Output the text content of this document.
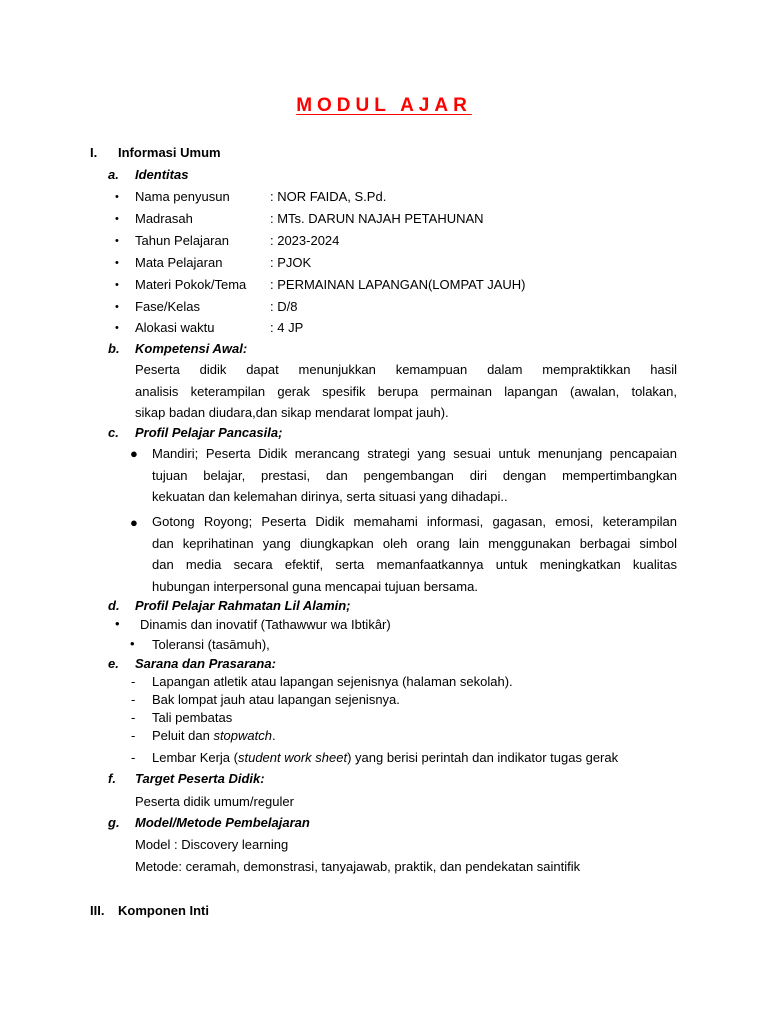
MODUL AJAR
I. Informasi Umum
a. Identitas
• Nama penyusun	: NOR FAIDA, S.Pd.
• Madrasah	: MTs. DARUN NAJAH PETAHUNAN
• Tahun Pelajaran	: 2023-2024
• Mata Pelajaran	: PJOK
• Materi Pokok/Tema : PERMAINAN LAPANGAN(LOMPAT JAUH)
• Fase/Kelas	: D/8
• Alokasi waktu	: 4 JP
b. Kompetensi Awal:
Peserta didik dapat menunjukkan kemampuan dalam mempraktikkan hasil
analisis keterampilan gerak spesifik berupa permainan lapangan (awalan, tolakan,
sikap badan diudara,dan sikap mendarat lompat jauh).
c. Profil Pelajar Pancasila;
● Mandiri; Peserta Didik merancang strategi yang sesuai untuk menunjang pencapaian
tujuan belajar, prestasi, dan pengembangan diri dengan mempertimbangkan
kekuatan dan kelemahan dirinya, serta situasi yang dihadapi..
● Gotong Royong; Peserta Didik memahami informasi, gagasan, emosi, keterampilan
dan keprihatinan yang diungkapkan oleh orang lain menggunakan berbagai simbol
dan media secara efektif, serta memanfaatkannya untuk meningkatkan kualitas
hubungan interpersonal guna mencapai tujuan bersama.
d. Profil Pelajar Rahmatan Lil Alamin;
• Dinamis dan inovatif (Tathawwur wa Ibtikâr)
• Toleransi (tasāmuh),
e. Sarana dan Prasarana:
- Lapangan atletik atau lapangan sejenisnya (halaman sekolah).
- Bak lompat jauh atau lapangan sejenisnya.
- Tali pembatas
- Peluit dan stopwatch.
- Lembar Kerja (student work sheet) yang berisi perintah dan indikator tugas gerak
f. Target Peserta Didik:
Peserta didik umum/reguler
g. Model/Metode Pembelajaran
Model : Discovery learning
Metode: ceramah, demonstrasi, tanyajawab, praktik, dan pendekatan saintifik
III. Komponen Inti
